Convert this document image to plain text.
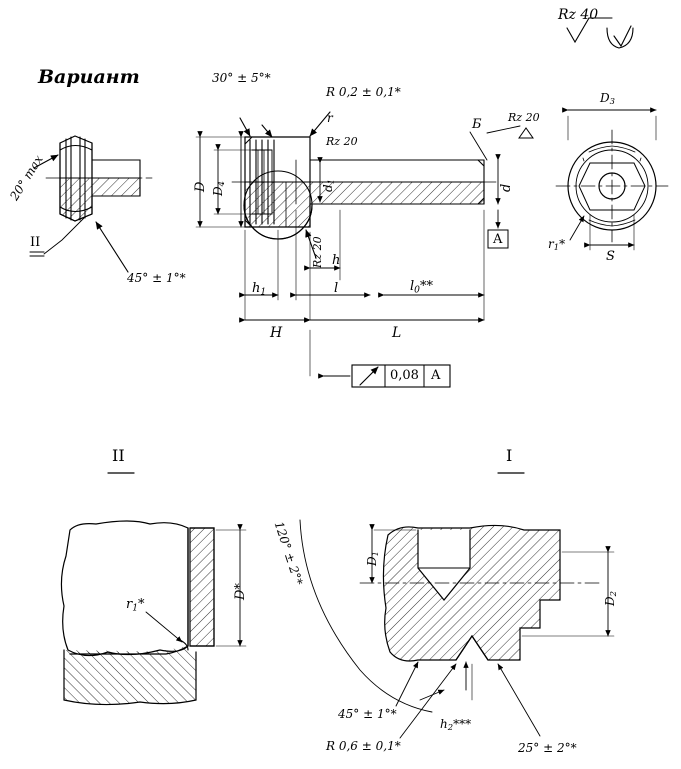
Rz 40
Вариант
20° max
II
45° ± 1°*
30° ± 5°*
R 0,2 ± 0,1*
r
Rz 20
Rz 20
Rz 20
Б
A
D $D_4$
$d_1$
d
$D_3$
$r_1*$
S
h
$h_1$	l	$l_0**$
H	L
0,08 A
II	I
D*
$r_1*$
$D_1$
$D_2$
120° ± 2°*
45° ± 1°*
$h_2***$
R 0,6 ± 0,1*	25° ± 2°*
